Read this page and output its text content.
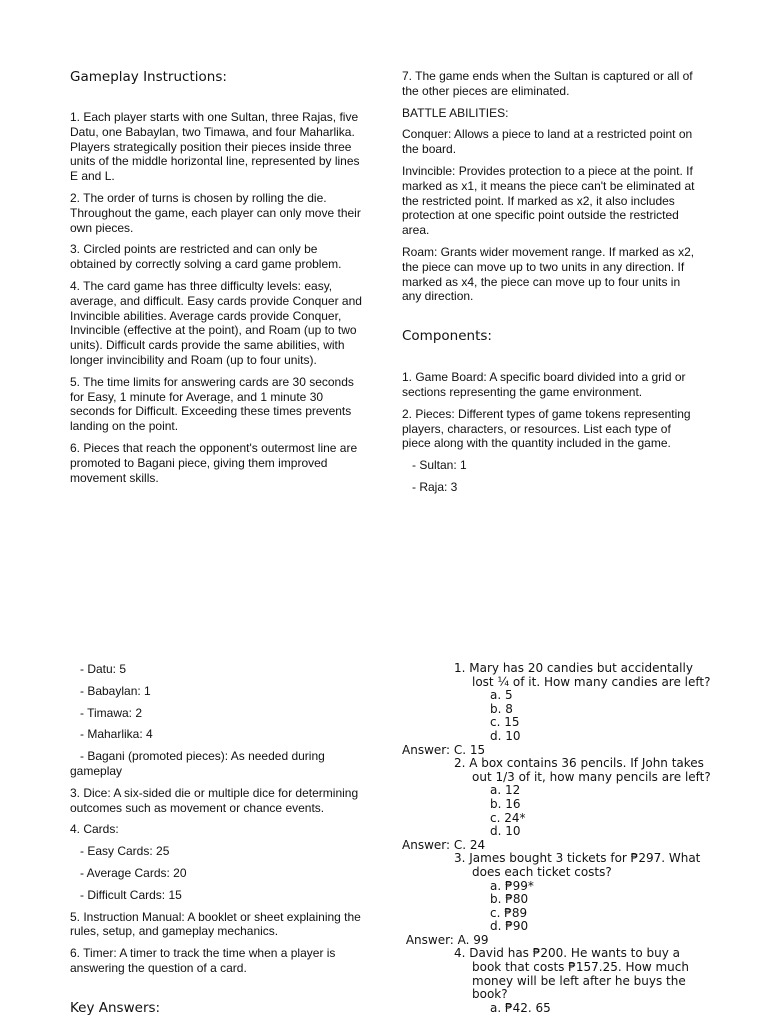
Gameplay Instructions:

1. Each player starts with one Sultan, three Rajas, five Datu, one Babaylan, two Timawa, and four Maharlika. Players strategically position their pieces inside three units of the middle horizontal line, represented by lines E and L.

2. The order of turns is chosen by rolling the die. Throughout the game, each player can only move their own pieces.

3. Circled points are restricted and can only be obtained by correctly solving a card game problem.

4. The card game has three difficulty levels: easy, average, and difficult. Easy cards provide Conquer and Invincible abilities. Average cards provide Conquer, Invincible (effective at the point), and Roam (up to two units). Difficult cards provide the same abilities, with longer invincibility and Roam (up to four units).

5. The time limits for answering cards are 30 seconds for Easy, 1 minute for Average, and 1 minute 30 seconds for Difficult. Exceeding these times prevents landing on the point.

6. Pieces that reach the opponent's outermost line are promoted to Bagani piece, giving them improved movement skills.

7. The game ends when the Sultan is captured or all of the other pieces are eliminated.

BATTLE ABILITIES:

Conquer: Allows a piece to land at a restricted point on the board.

Invincible: Provides protection to a piece at the point. If marked as x1, it means the piece can't be eliminated at the restricted point. If marked as x2, it also includes protection at one specific point outside the restricted area.

Roam: Grants wider movement range. If marked as x2, the piece can move up to two units in any direction. If marked as x4, the piece can move up to four units in any direction.

Components:

1. Game Board: A specific board divided into a grid or sections representing the game environment.

2. Pieces: Different types of game tokens representing players, characters, or resources. List each type of piece along with the quantity included in the game.

- Sultan: 1

- Raja: 3

- Datu: 5

- Babaylan: 1

- Timawa: 2

- Maharlika: 4

- Bagani (promoted pieces): As needed during gameplay

3. Dice: A six-sided die or multiple dice for determining outcomes such as movement or chance events.

4. Cards:

- Easy Cards: 25

- Average Cards: 20

- Difficult Cards: 15

5. Instruction Manual: A booklet or sheet explaining the rules, setup, and gameplay mechanics.

6. Timer: A timer to track the time when a player is answering the question of a card.

Key Answers:

1. Mary has 20 candies but accidentally lost ¼ of it. How many candies are left?

a. 5
b. 8
c. 15
d. 10

Answer: C. 15

2. A box contains 36 pencils. If John takes out 1/3 of it, how many pencils are left?

a. 12
b. 16
c. 24*
d. 10

Answer: C. 24

3. James bought 3 tickets for ₱297. What does each ticket costs?

a. ₱99*
b. ₱80
c. ₱89
d. ₱90

Answer: A. 99

4. David has ₱200. He wants to buy a book that costs ₱157.25. How much money will be left after he buys the book?

a. ₱42. 65
